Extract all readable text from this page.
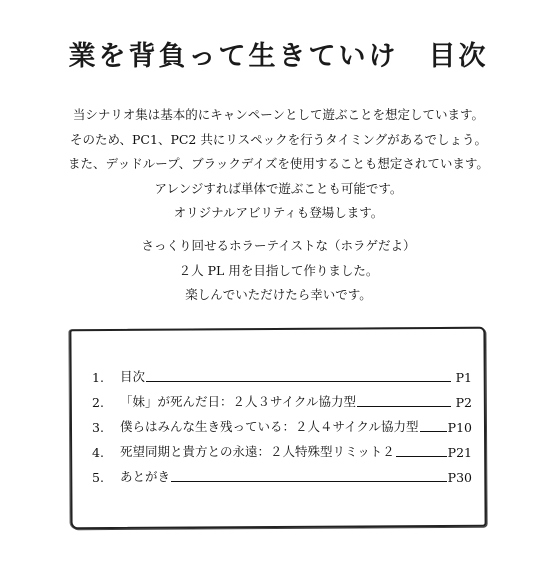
業を背負って生きていけ　目次
当シナリオ集は基本的にキャンペーンとして遊ぶことを想定しています。
そのため、PC1、PC2 共にリスペックを行うタイミングがあるでしょう。
また、デッドループ、ブラックデイズを使用することも想定されています。
アレンジすれば単体で遊ぶことも可能です。
オリジナルアビリティも登場します。
さっくり回せるホラーテイストな（ホラゲだよ）
２人 PL 用を目指して作りました。
楽しんでいただけたら幸いです。
1.	目次	P1
2.	「妹」が死んだ日：２人３サイクル協力型	P2
3.	僕らはみんな生き残っている：２人４サイクル協力型 P10
4.	死望同期と貴方との永遠：２人特殊型リミット２	P21
5.	あとがき	P30
